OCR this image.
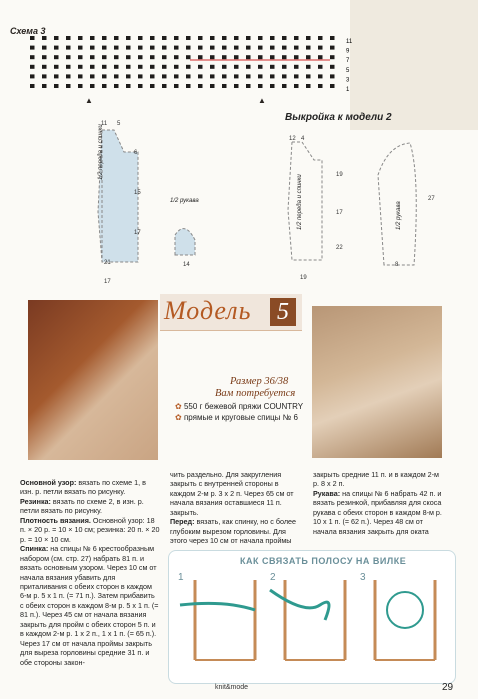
Схема 3
11
9
7
5
3
1
▲	▲
1/2 переда и спинки
11 5
6
15
17
21
17
1/2 рукава
14
Выкройка к модели 2
1/2 переда и спинки
12 4
19
17
22
19
1/2 рукава
27
8
Модель 5
Размер 36/38
Вам потребуется
✿ 550 г бежевой пряжи COUNTRY
✿ прямые и круговые спицы № 6
Основной узор: вязать по схеме 1, в изн. р. петли вязать по рисунку.
Резинка: вязать по схеме 2, в изн. р. петли вязать по рисунку.
Плотность вязания. Основной узор: 18 п. × 20 р. = 10 × 10 см; резинка: 20 п. × 20 р. = 10 × 10 см.
Спинка: на спицы № 6 крестообразным набором (см. стр. 27) набрать 81 п. и вязать основным узором. Через 10 см от начала вязания убавить для приталивания с обеих сторон в каждом 6-м р. 5 х 1 п. (= 71 п.). Затем прибавить с обеих сторон в каждом 8-м р. 5 х 1 п. (= 81 п.). Через 45 см от начала вязания закрыть для пройм с обеих сторон 5 п. и в каждом 2-м р. 1 х 2 п., 1 х 1 п. (= 65 п.). Через 17 см от начала проймы закрыть для выреза горловины средние 31 п. и обе стороны закон-
чить раздельно. Для закругления закрыть с внутренней стороны в каждом 2-м р. 3 х 2 п. Через 65 см от начала вязания оставшиеся 11 п. закрыть.
Перед: вязать, как спинку, но с более глубоким вырезом горловины. Для этого через 10 см от начала проймы
закрыть средние 11 п. и в каждом 2-м р. 8 х 2 п.
Рукава: на спицы № 6 набрать 42 п. и вязать резинкой, прибавляя для скоса рукава с обеих сторон в каждом 8-м р. 10 х 1 п. (= 62 п.). Через 48 см от начала вязания закрыть для оката
КАК СВЯЗАТЬ ПОЛОСУ НА ВИЛКЕ
1	2	3
knit&mode	29
